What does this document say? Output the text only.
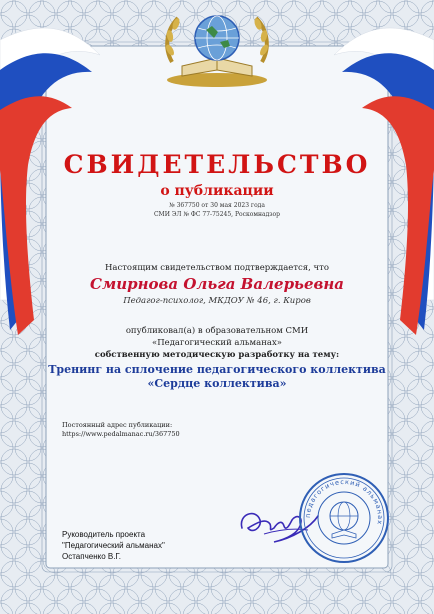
СВИДЕТЕЛЬСТВО
о публикации
№ 367750 от 30 мая 2023 года
СМИ ЭЛ № ФС 77-75245, Роскомнадзор
Настоящим свидетельством подтверждается, что
Смирнова Ольга Валерьевна
Педагог-психолог, МКДОУ № 46, г. Киров
опубликовал(а) в образовательном СМИ
«Педагогический альманах»
собственную методическую разработку на тему:
Тренинг на сплочение педагогического коллектива
«Сердце коллектива»
Постоянный адрес публикации:
https://www.pedalmanac.ru/367750
Руководитель проекта
"Педагогический альманах"
Остапченко В.Г.
педагогический альманах
